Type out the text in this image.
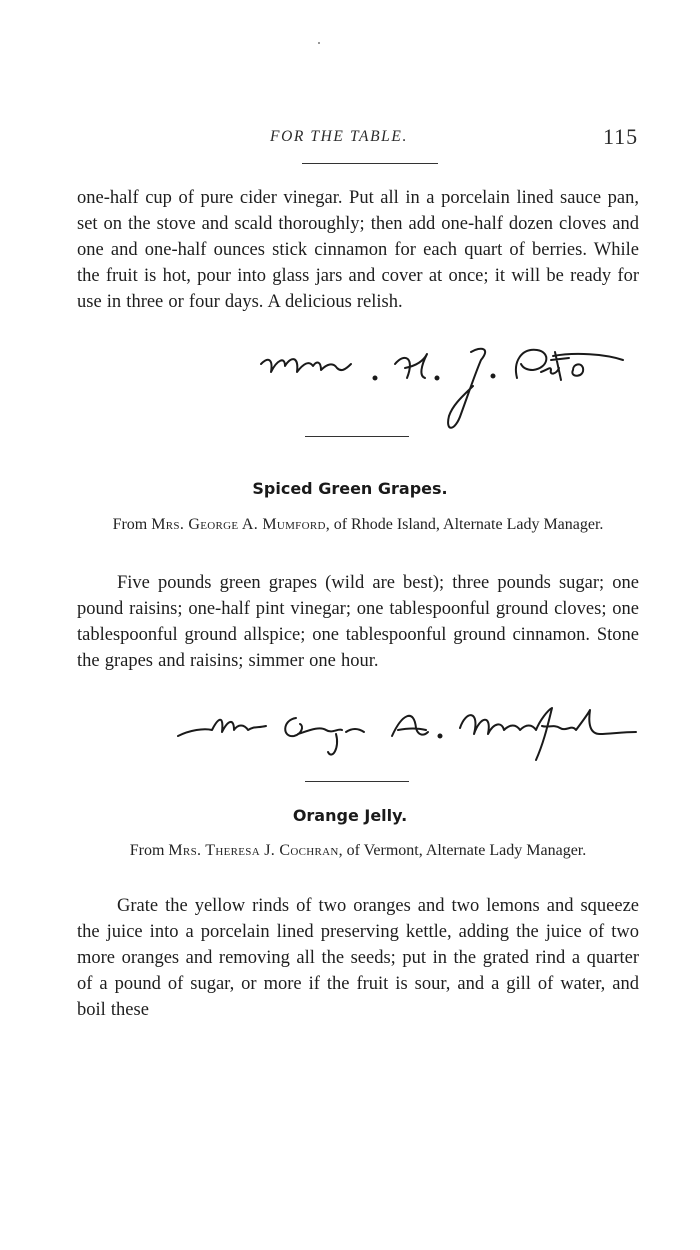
FOR THE TABLE.	115

one-half cup of pure cider vinegar. Put all in a porcelain lined sauce pan, set on the stove and scald thoroughly; then add one-half dozen cloves and one and one-half ounces stick cinnamon for each quart of berries. While the fruit is hot, pour into glass jars and cover at once; it will be ready for use in three or four days. A delicious relish.

Spiced Green Grapes.

From Mrs. George A. Mumford, of Rhode Island, Alternate Lady Manager.

Five pounds green grapes (wild are best); three pounds sugar; one pound raisins; one-half pint vinegar; one tablespoonful ground cloves; one tablespoonful ground allspice; one tablespoonful ground cinnamon. Stone the grapes and raisins; simmer one hour.

Orange Jelly.

From Mrs. Theresa J. Cochran, of Vermont, Alternate Lady Manager.

Grate the yellow rinds of two oranges and two lemons and squeeze the juice into a porcelain lined preserving kettle, adding the juice of two more oranges and removing all the seeds; put in the grated rind a quarter of a pound of sugar, or more if the fruit is sour, and a gill of water, and boil these
